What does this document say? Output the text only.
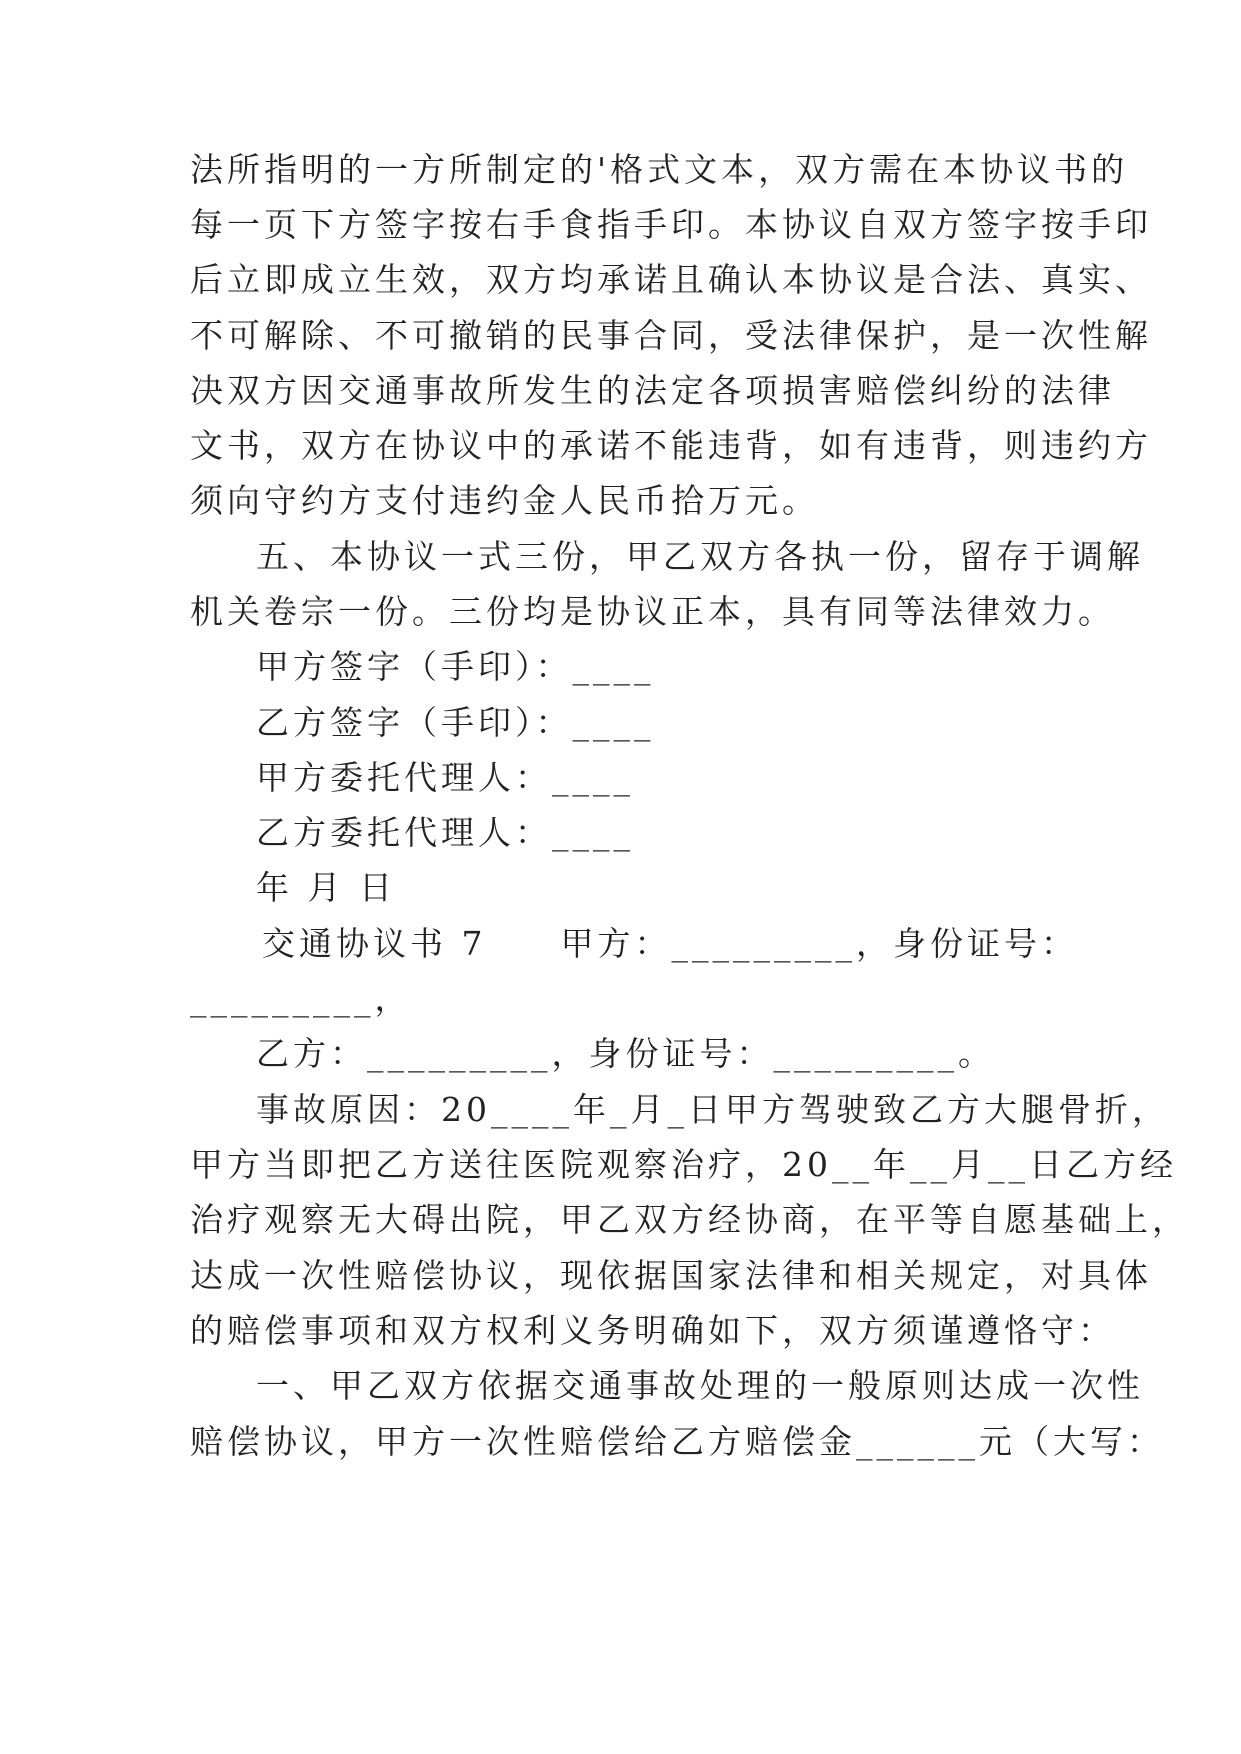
法所指明的一方所制定的'格式文本，双方需在本协议书的
每一页下方签字按右手食指手印。本协议自双方签字按手印
后立即成立生效，双方均承诺且确认本协议是合法、真实、
不可解除、不可撤销的民事合同，受法律保护，是一次性解
决双方因交通事故所发生的法定各项损害赔偿纠纷的法律
文书，双方在协议中的承诺不能违背，如有违背，则违约方
须向守约方支付违约金人民币拾万元。
五、本协议一式三份，甲乙双方各执一份，留存于调解
机关卷宗一份。三份均是协议正本，具有同等法律效力。
甲方签字（手印）：____
乙方签字（手印）：____
甲方委托代理人：____
乙方委托代理人：____
年 月 日
交通协议书 7　　甲方：_________，身份证号：
_________，
乙方：_________，身份证号：_________。
事故原因：20____年_月_日甲方驾驶致乙方大腿骨折，
甲方当即把乙方送往医院观察治疗，20__年__月__日乙方经
治疗观察无大碍出院，甲乙双方经协商，在平等自愿基础上，
达成一次性赔偿协议，现依据国家法律和相关规定，对具体
的赔偿事项和双方权利义务明确如下，双方须谨遵恪守：
一、甲乙双方依据交通事故处理的一般原则达成一次性
赔偿协议，甲方一次性赔偿给乙方赔偿金______元（大写：
